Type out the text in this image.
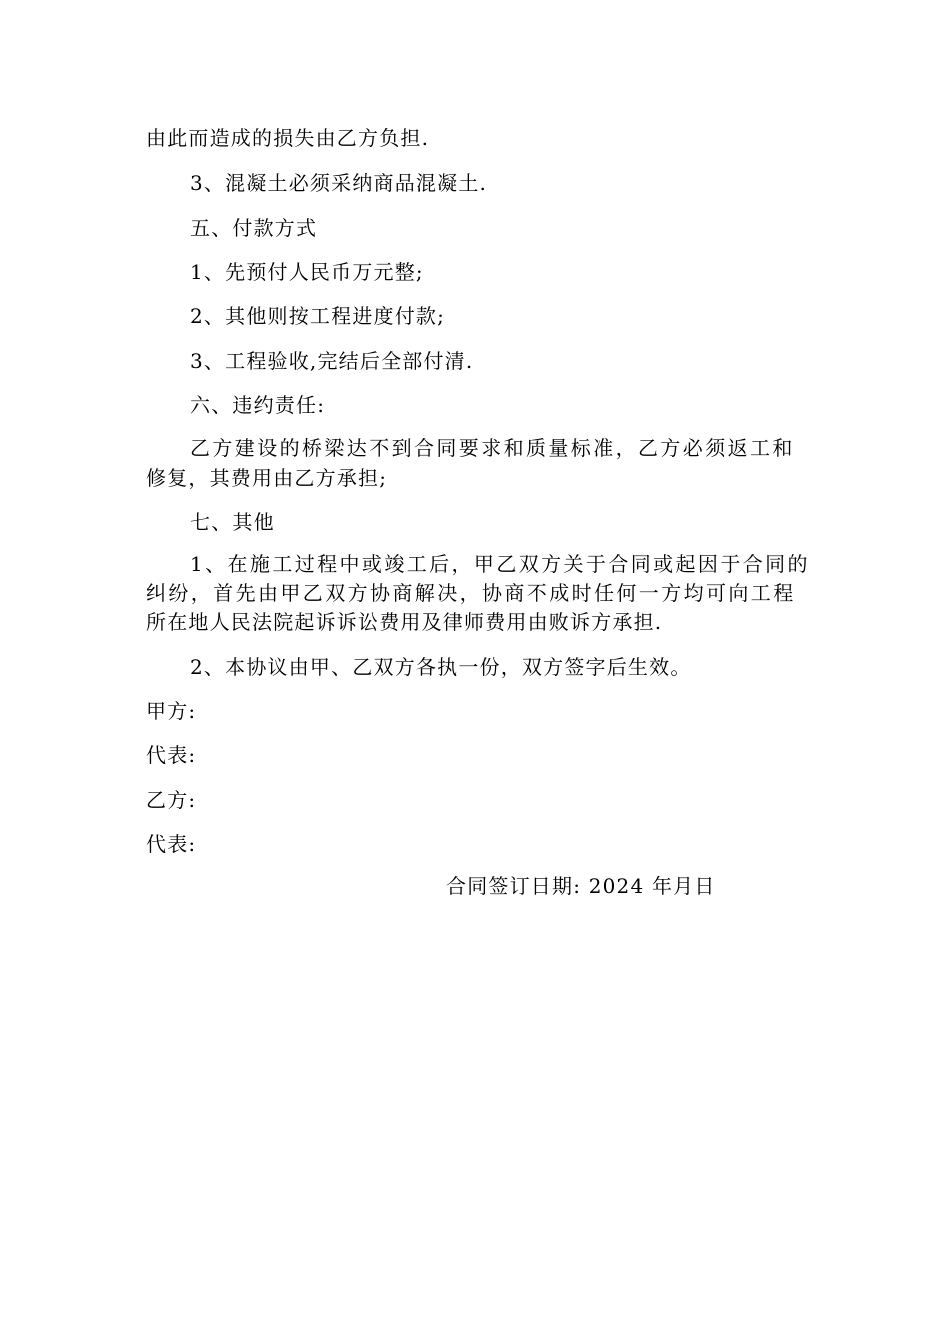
由此而造成的损失由乙方负担.
3、混凝土必须采纳商品混凝土.
五、付款方式
1、先预付人民币万元整;
2、其他则按工程进度付款;
3、工程验收,完结后全部付清.
六、违约责任:
乙方建设的桥梁达不到合同要求和质量标准，乙方必须返工和
修复，其费用由乙方承担;
七、其他
1、在施工过程中或竣工后，甲乙双方关于合同或起因于合同的
纠纷，首先由甲乙双方协商解决，协商不成时任何一方均可向工程
所在地人民法院起诉诉讼费用及律师费用由败诉方承担.
2、本协议由甲、乙双方各执一份，双方签字后生效。
甲方:
代表:
乙方:
代表:
合同签订日期: 2024 年月日
